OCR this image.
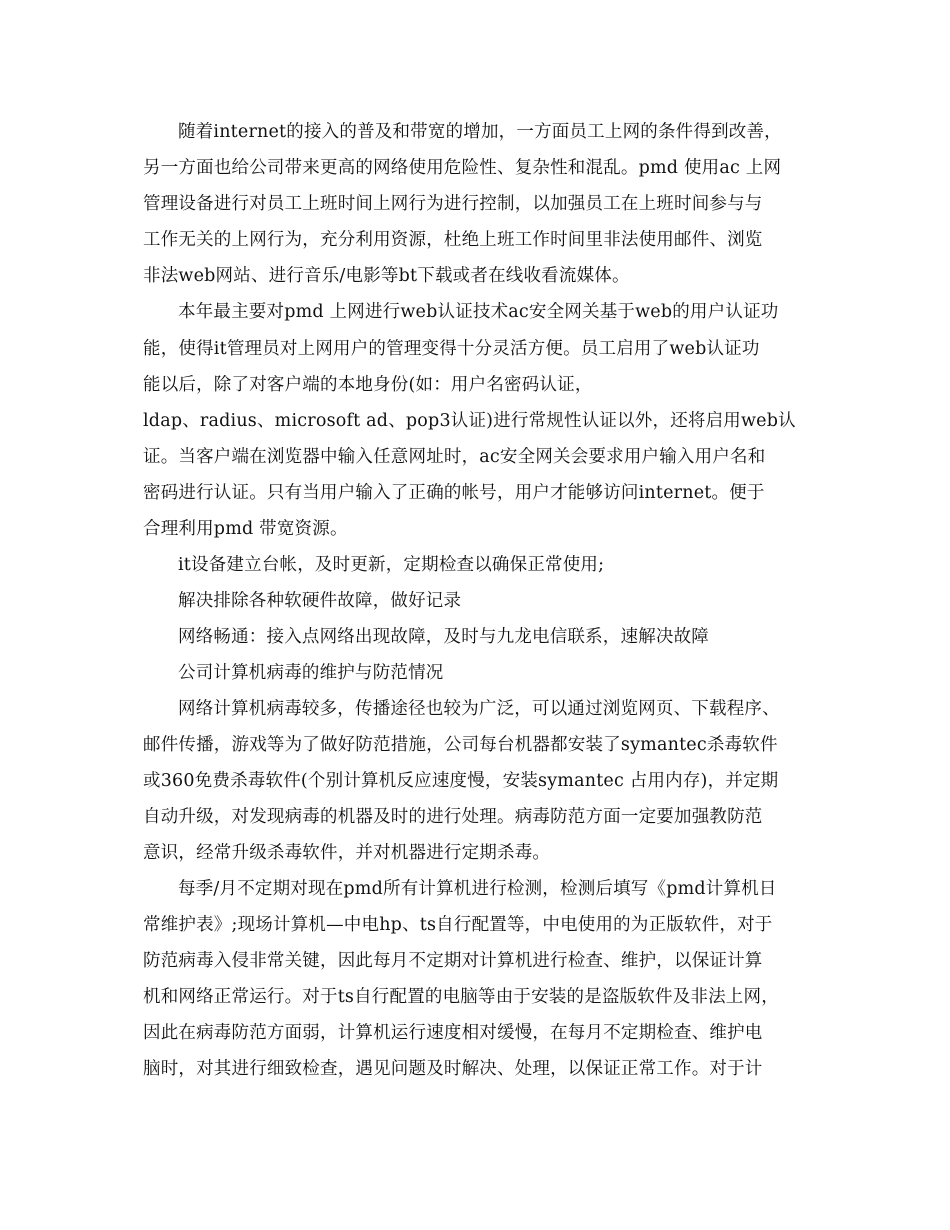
随着internet的接入的普及和带宽的增加，一方面员工上网的条件得到改善，
另一方面也给公司带来更高的网络使用危险性、复杂性和混乱。pmd 使用ac 上网
管理设备进行对员工上班时间上网行为进行控制，以加强员工在上班时间参与与
工作无关的上网行为，充分利用资源，杜绝上班工作时间里非法使用邮件、浏览
非法web网站、进行音乐/电影等bt下载或者在线收看流媒体。
本年最主要对pmd 上网进行web认证技术ac安全网关基于web的用户认证功
能，使得it管理员对上网用户的管理变得十分灵活方便。员工启用了web认证功
能以后，除了对客户端的本地身份(如：用户名密码认证，
ldap、radius、microsoft ad、pop3认证)进行常规性认证以外，还将启用web认
证。当客户端在浏览器中输入任意网址时，ac安全网关会要求用户输入用户名和
密码进行认证。只有当用户输入了正确的帐号，用户才能够访问internet。便于
合理利用pmd 带宽资源。
it设备建立台帐，及时更新，定期检查以确保正常使用;
解决排除各种软硬件故障，做好记录
网络畅通：接入点网络出现故障，及时与九龙电信联系，速解决故障
公司计算机病毒的维护与防范情况
网络计算机病毒较多，传播途径也较为广泛，可以通过浏览网页、下载程序、
邮件传播，游戏等为了做好防范措施，公司每台机器都安装了symantec杀毒软件
或360免费杀毒软件(个别计算机反应速度慢，安装symantec 占用内存)，并定期
自动升级，对发现病毒的机器及时的进行处理。病毒防范方面一定要加强教防范
意识，经常升级杀毒软件，并对机器进行定期杀毒。
每季/月不定期对现在pmd所有计算机进行检测，检测后填写《pmd计算机日
常维护表》;现场计算机—中电hp、ts自行配置等，中电使用的为正版软件，对于
防范病毒入侵非常关键，因此每月不定期对计算机进行检查、维护，以保证计算
机和网络正常运行。对于ts自行配置的电脑等由于安装的是盗版软件及非法上网，
因此在病毒防范方面弱，计算机运行速度相对缓慢，在每月不定期检查、维护电
脑时，对其进行细致检查，遇见问题及时解决、处理，以保证正常工作。对于计
